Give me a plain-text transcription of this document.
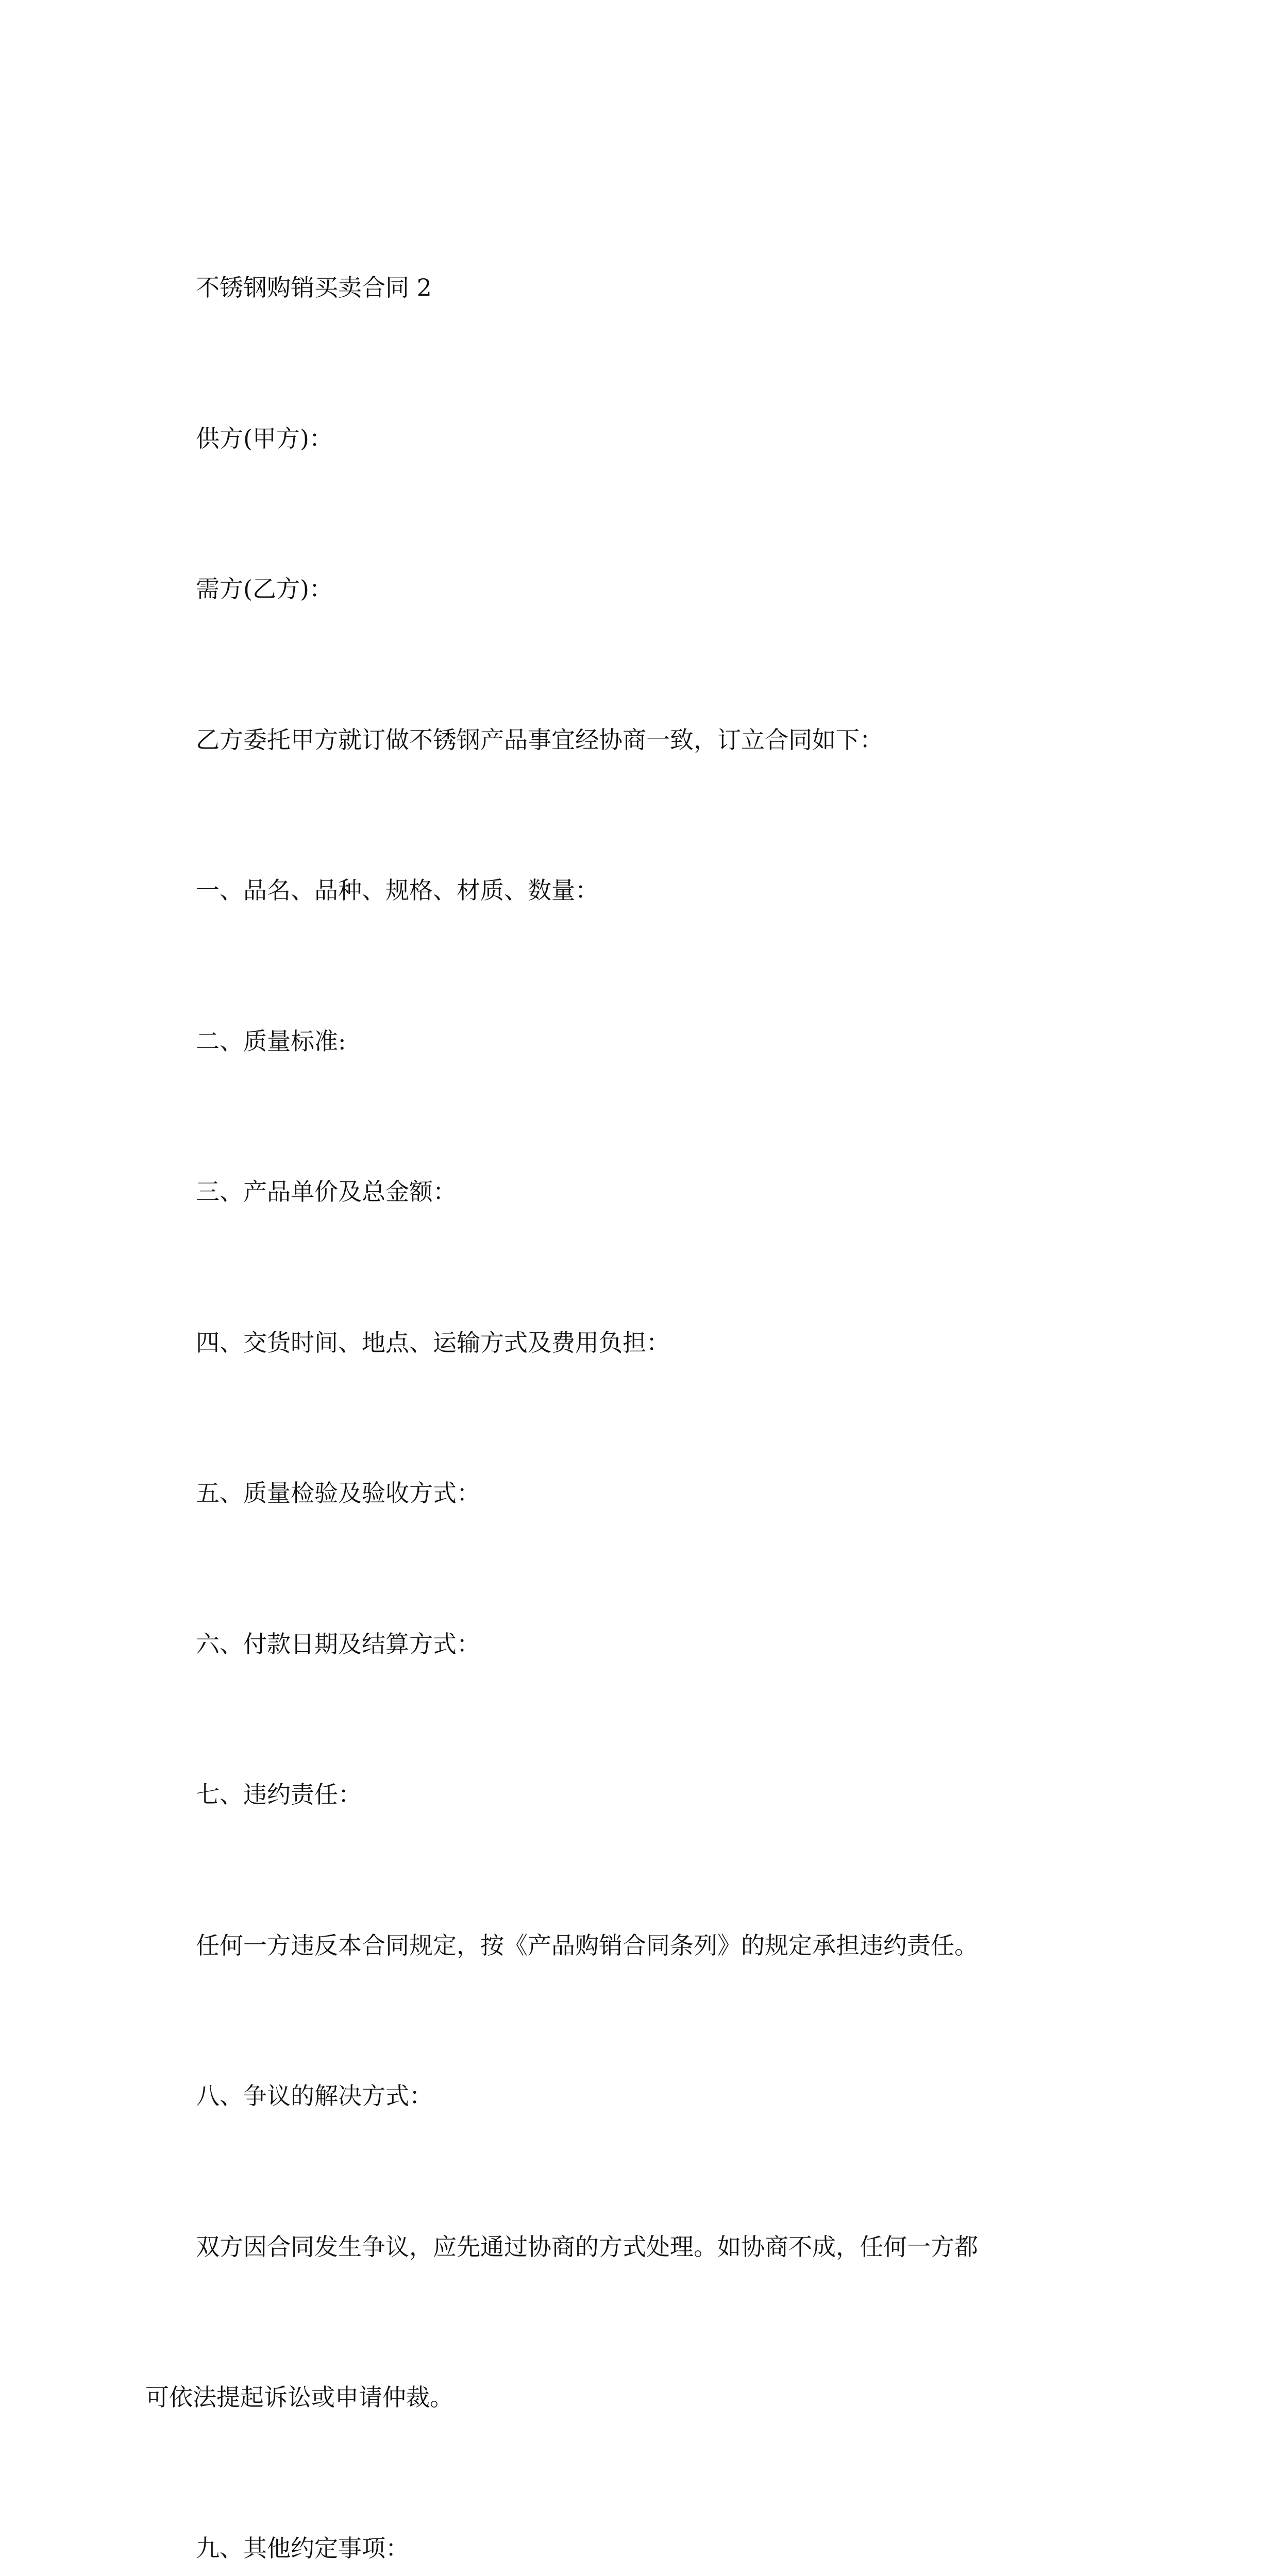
不锈钢购销买卖合同 2

供方(甲方)：

需方(乙方)：

乙方委托甲方就订做不锈钢产品事宜经协商一致，订立合同如下：

一、品名、品种、规格、材质、数量：

二、质量标准:

三、产品单价及总金额：

四、交货时间、地点、运输方式及费用负担：

五、质量检验及验收方式：

六、付款日期及结算方式：

七、违约责任：

任何一方违反本合同规定，按《产品购销合同条列》的规定承担违约责任。

八、争议的解决方式：

双方因合同发生争议，应先通过协商的方式处理。如协商不成，任何一方都

可依法提起诉讼或申请仲裁。

九、其他约定事项：
